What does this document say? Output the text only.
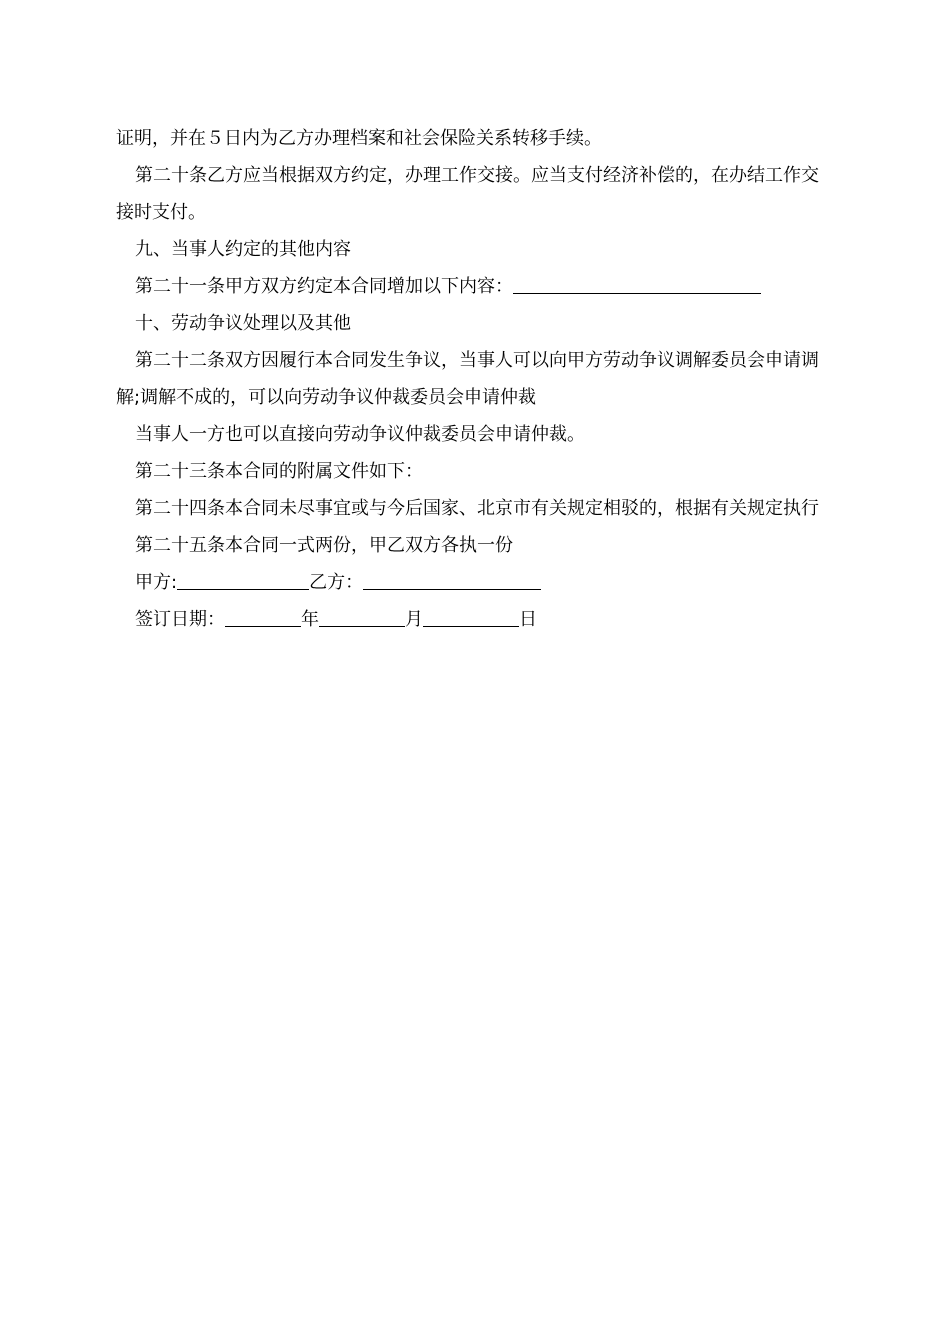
证明，并在５日内为乙方办理档案和社会保险关系转移手续。

第二十条乙方应当根据双方约定，办理工作交接。应当支付经济补偿的，在办结工作交接时支付。

九、当事人约定的其他内容

第二十一条甲方双方约定本合同增加以下内容：

十、劳动争议处理以及其他

第二十二条双方因履行本合同发生争议，当事人可以向甲方劳动争议调解委员会申请调解;调解不成的，可以向劳动争议仲裁委员会申请仲裁

当事人一方也可以直接向劳动争议仲裁委员会申请仲裁。

第二十三条本合同的附属文件如下：

第二十四条本合同未尽事宜或与今后国家、北京市有关规定相驳的，根据有关规定执行

第二十五条本合同一式两份，甲乙双方各执一份

甲方:	乙方：

签订日期：	年	月	日
